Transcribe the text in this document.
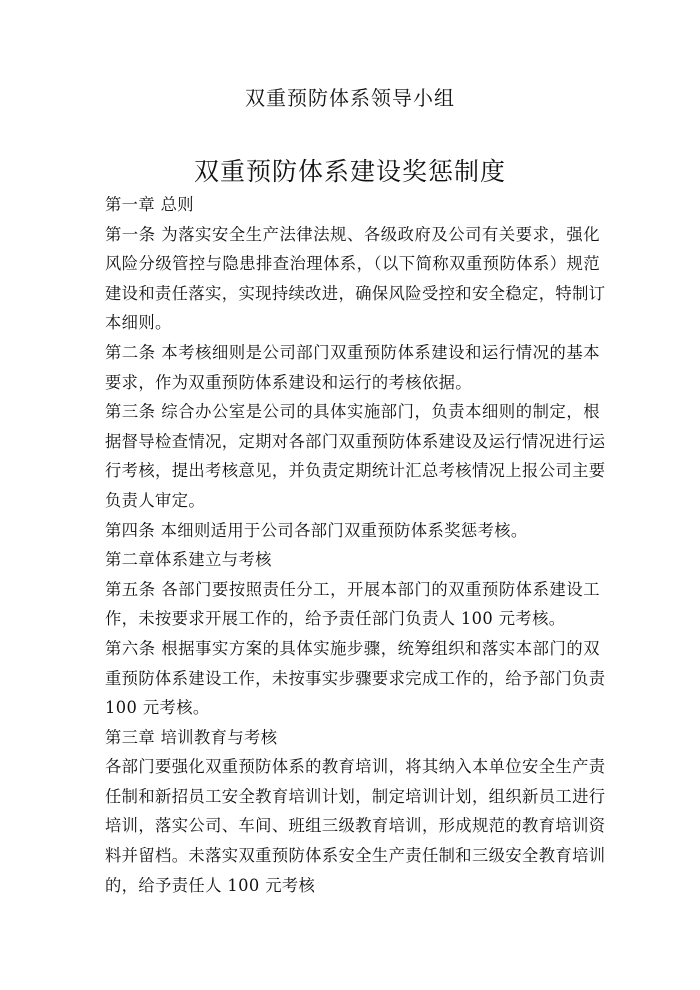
双重预防体系领导小组
双重预防体系建设奖惩制度
第一章 总则
第一条 为落实安全生产法律法规、各级政府及公司有关要求，强化
风险分级管控与隐患排查治理体系，（以下简称双重预防体系）规范
建设和责任落实，实现持续改进，确保风险受控和安全稳定，特制订
本细则。
第二条 本考核细则是公司部门双重预防体系建设和运行情况的基本
要求，作为双重预防体系建设和运行的考核依据。
第三条 综合办公室是公司的具体实施部门，负责本细则的制定，根
据督导检查情况，定期对各部门双重预防体系建设及运行情况进行运
行考核，提出考核意见，并负责定期统计汇总考核情况上报公司主要
负责人审定。
第四条 本细则适用于公司各部门双重预防体系奖惩考核。
第二章体系建立与考核
第五条 各部门要按照责任分工，开展本部门的双重预防体系建设工
作，未按要求开展工作的，给予责任部门负责人 100 元考核。
第六条 根据事实方案的具体实施步骤，统筹组织和落实本部门的双
重预防体系建设工作，未按事实步骤要求完成工作的，给予部门负责
100 元考核。
第三章 培训教育与考核
各部门要强化双重预防体系的教育培训，将其纳入本单位安全生产责
任制和新招员工安全教育培训计划，制定培训计划，组织新员工进行
培训，落实公司、车间、班组三级教育培训，形成规范的教育培训资
料并留档。未落实双重预防体系安全生产责任制和三级安全教育培训
的，给予责任人 100 元考核
